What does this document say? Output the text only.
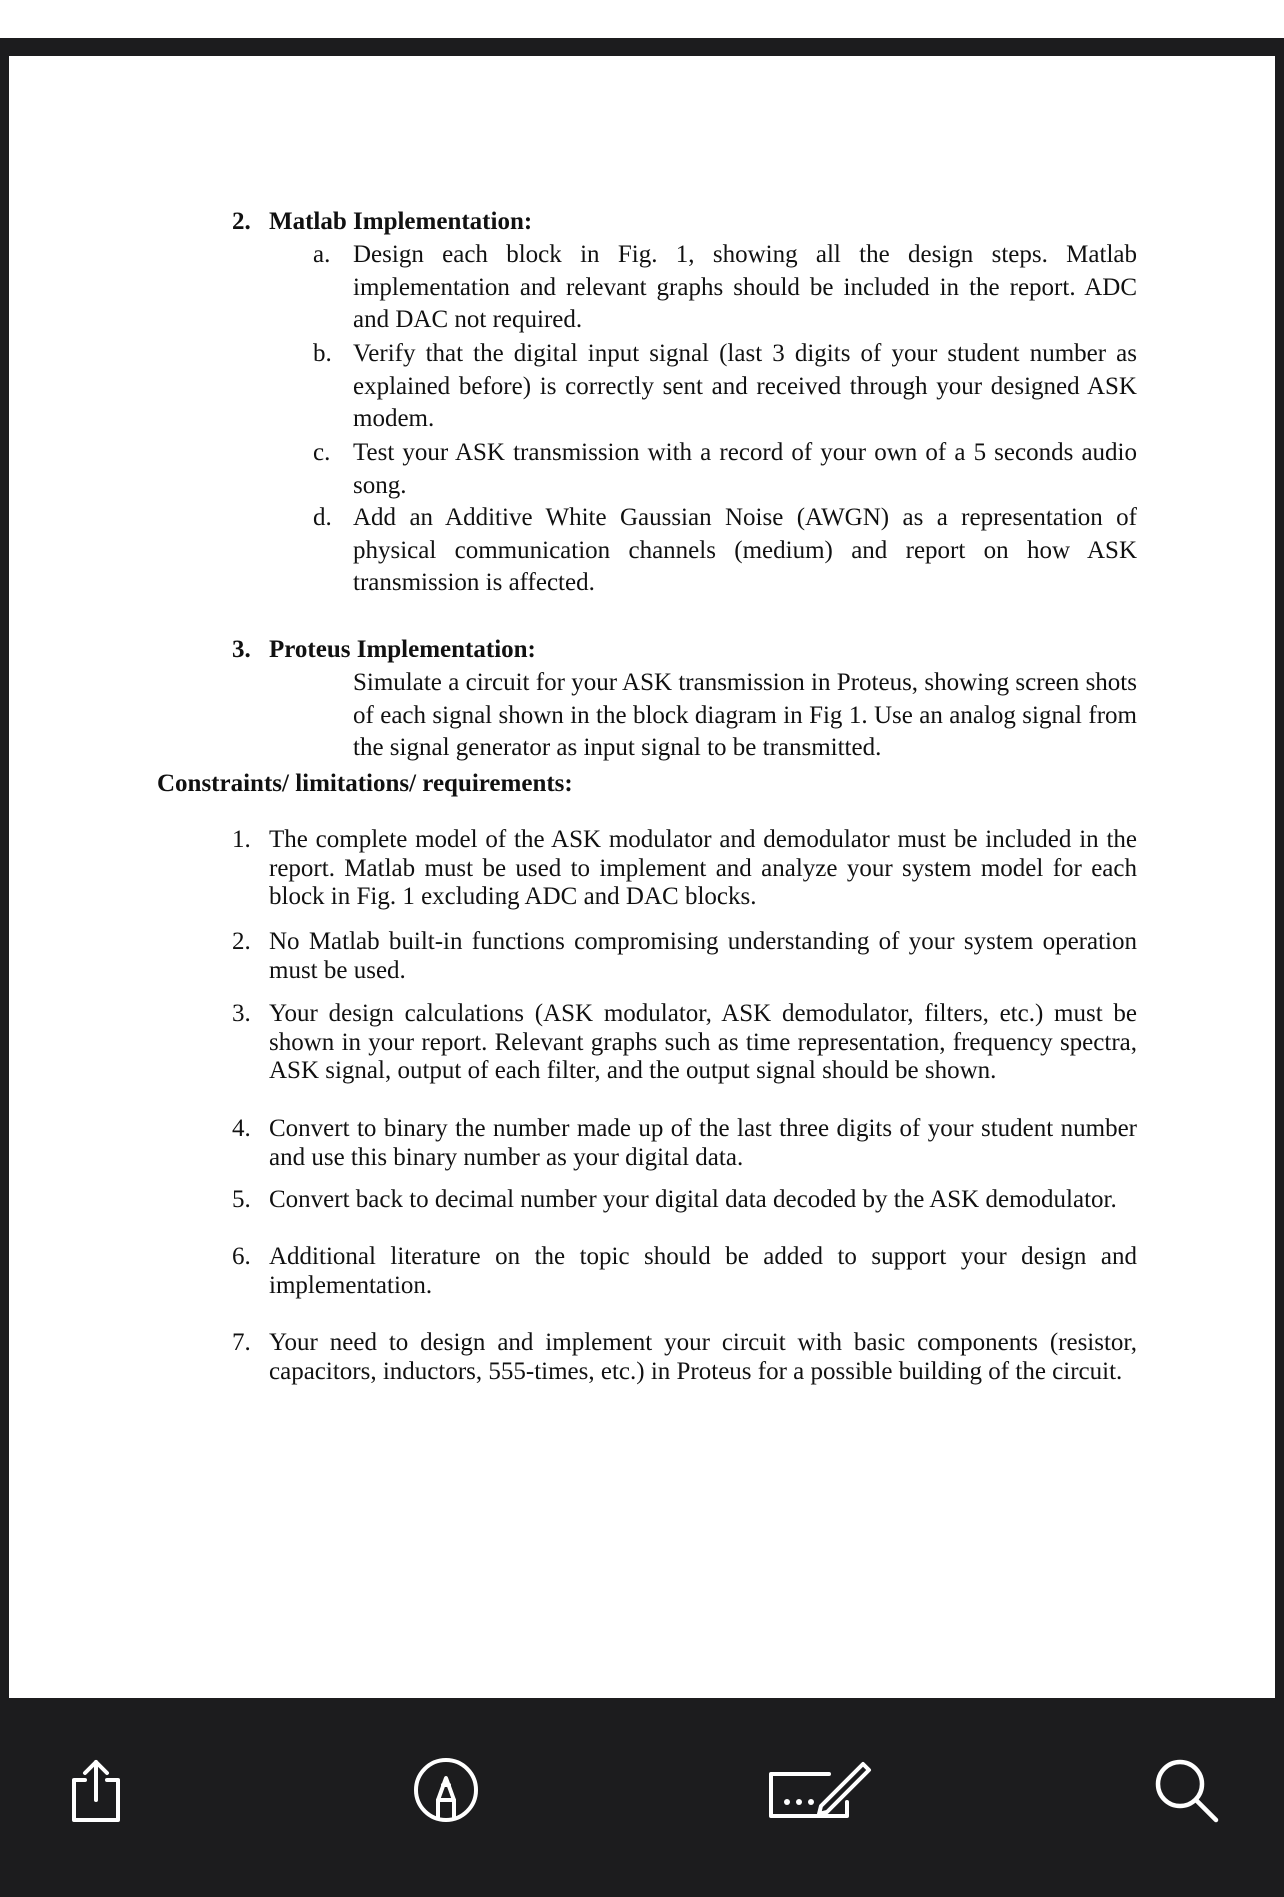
2. Matlab Implementation:
a. Design each block in Fig. 1, showing all the design steps. Matlab implementation and relevant graphs should be included in the report. ADC and DAC not required.
b. Verify that the digital input signal (last 3 digits of your student number as explained before) is correctly sent and received through your designed ASK modem.
c. Test your ASK transmission with a record of your own of a 5 seconds audio song.
d. Add an Additive White Gaussian Noise (AWGN) as a representation of physical communication channels (medium) and report on how ASK transmission is affected.
3. Proteus Implementation:
Simulate a circuit for your ASK transmission in Proteus, showing screen shots of each signal shown in the block diagram in Fig 1. Use an analog signal from the signal generator as input signal to be transmitted.
Constraints/ limitations/ requirements:
1. The complete model of the ASK modulator and demodulator must be included in the report. Matlab must be used to implement and analyze your system model for each block in Fig. 1 excluding ADC and DAC blocks.
2. No Matlab built-in functions compromising understanding of your system operation must be used.
3. Your design calculations (ASK modulator, ASK demodulator, filters, etc.) must be shown in your report. Relevant graphs such as time representation, frequency spectra, ASK signal, output of each filter, and the output signal should be shown.
4. Convert to binary the number made up of the last three digits of your student number and use this binary number as your digital data.
5. Convert back to decimal number your digital data decoded by the ASK demodulator.
6. Additional literature on the topic should be added to support your design and implementation.
7. Your need to design and implement your circuit with basic components (resistor, capacitors, inductors, 555-times, etc.) in Proteus for a possible building of the circuit.
